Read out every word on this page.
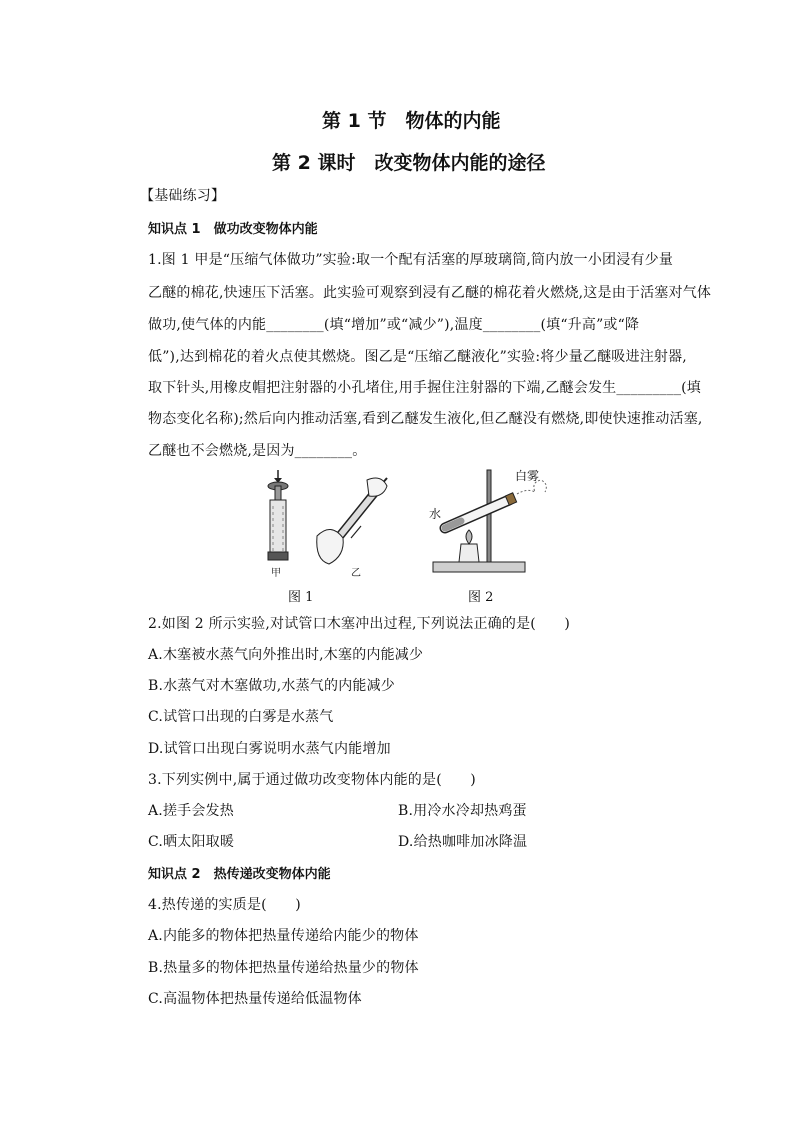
第 1 节　物体的内能
第 2 课时　改变物体内能的途径
【基础练习】
知识点 1　做功改变物体内能
1.图 1 甲是“压缩气体做功”实验:取一个配有活塞的厚玻璃筒,筒内放一小团浸有少量
乙醚的棉花,快速压下活塞。此实验可观察到浸有乙醚的棉花着火燃烧,这是由于活塞对气体
做功,使气体的内能________(填“增加”或“减少”),温度________(填“升高”或“降
低”),达到棉花的着火点使其燃烧。图乙是“压缩乙醚液化”实验:将少量乙醚吸进注射器,
取下针头,用橡皮帽把注射器的小孔堵住,用手握住注射器的下端,乙醚会发生_________(填
物态变化名称);然后向内推动活塞,看到乙醚发生液化,但乙醚没有燃烧,即使快速推动活塞,
乙醚也不会燃烧,是因为________。
甲	乙
水
白雾
图 1	图 2
2.如图 2 所示实验,对试管口木塞冲出过程,下列说法正确的是(　　)
A.木塞被水蒸气向外推出时,木塞的内能减少
B.水蒸气对木塞做功,水蒸气的内能减少
C.试管口出现的白雾是水蒸气
D.试管口出现白雾说明水蒸气内能增加
3.下列实例中,属于通过做功改变物体内能的是(　　)
A.搓手会发热	B.用冷水冷却热鸡蛋
C.晒太阳取暖	D.给热咖啡加冰降温
知识点 2　热传递改变物体内能
4.热传递的实质是(　　)
A.内能多的物体把热量传递给内能少的物体
B.热量多的物体把热量传递给热量少的物体
C.高温物体把热量传递给低温物体
